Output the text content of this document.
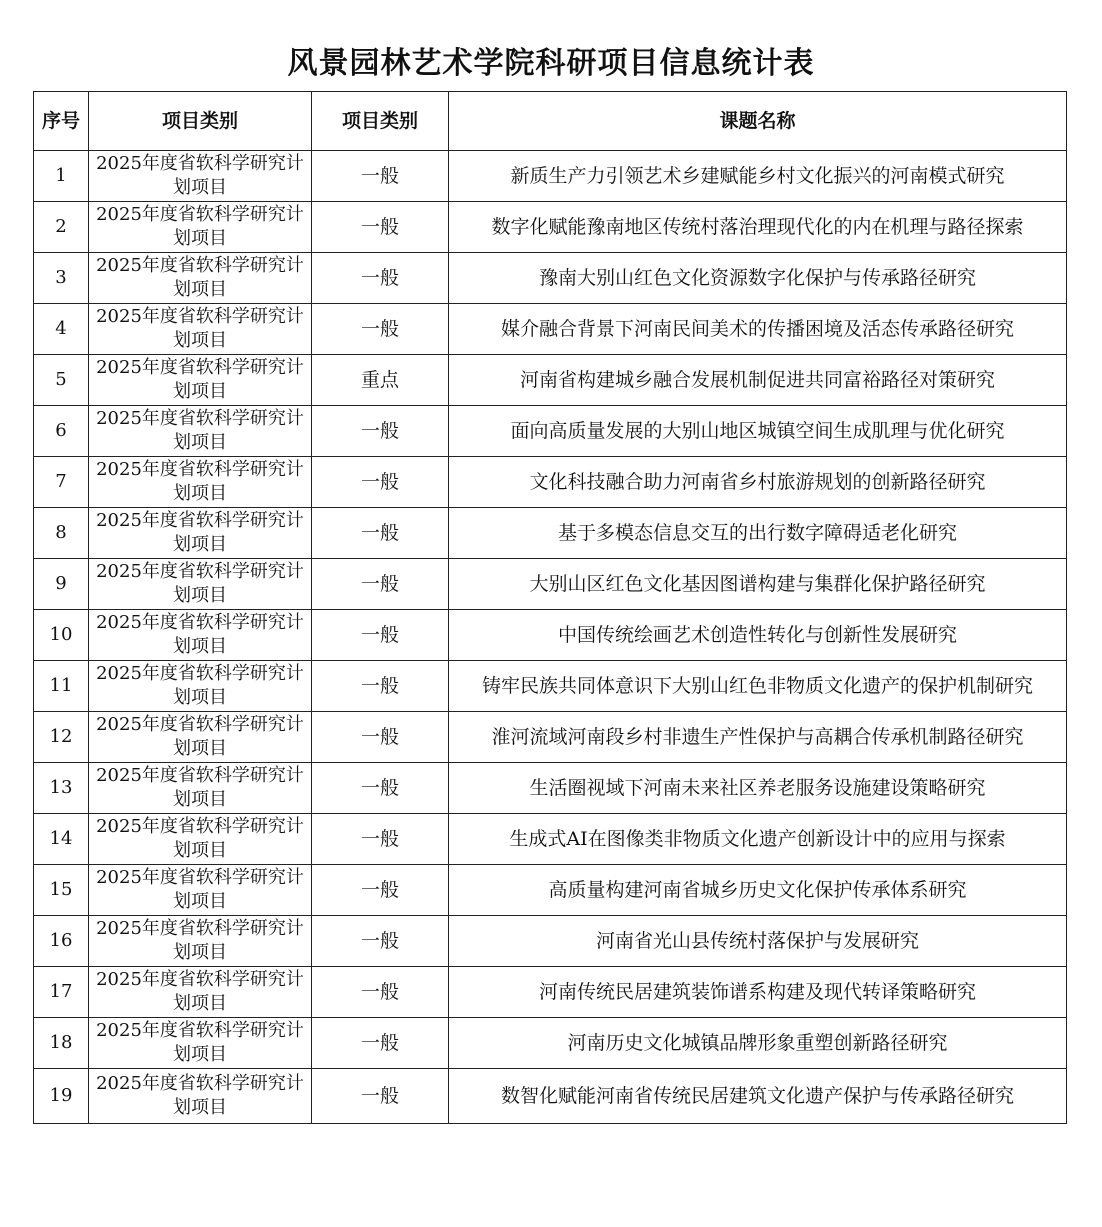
风景园林艺术学院科研项目信息统计表
序号	项目类别	项目类别	课题名称
1	2025年度省软科学研究计划项目	一般	新质生产力引领艺术乡建赋能乡村文化振兴的河南模式研究
2	2025年度省软科学研究计划项目	一般	数字化赋能豫南地区传统村落治理现代化的内在机理与路径探索
3	2025年度省软科学研究计划项目	一般	豫南大别山红色文化资源数字化保护与传承路径研究
4	2025年度省软科学研究计划项目	一般	媒介融合背景下河南民间美术的传播困境及活态传承路径研究
5	2025年度省软科学研究计划项目	重点	河南省构建城乡融合发展机制促进共同富裕路径对策研究
6	2025年度省软科学研究计划项目	一般	面向高质量发展的大别山地区城镇空间生成肌理与优化研究
7	2025年度省软科学研究计划项目	一般	文化科技融合助力河南省乡村旅游规划的创新路径研究
8	2025年度省软科学研究计划项目	一般	基于多模态信息交互的出行数字障碍适老化研究
9	2025年度省软科学研究计划项目	一般	大别山区红色文化基因图谱构建与集群化保护路径研究
10	2025年度省软科学研究计划项目	一般	中国传统绘画艺术创造性转化与创新性发展研究
11	2025年度省软科学研究计划项目	一般	铸牢民族共同体意识下大别山红色非物质文化遗产的保护机制研究
12	2025年度省软科学研究计划项目	一般	淮河流域河南段乡村非遗生产性保护与高耦合传承机制路径研究
13	2025年度省软科学研究计划项目	一般	生活圈视域下河南未来社区养老服务设施建设策略研究
14	2025年度省软科学研究计划项目	一般	生成式AI在图像类非物质文化遗产创新设计中的应用与探索
15	2025年度省软科学研究计划项目	一般	高质量构建河南省城乡历史文化保护传承体系研究
16	2025年度省软科学研究计划项目	一般	河南省光山县传统村落保护与发展研究
17	2025年度省软科学研究计划项目	一般	河南传统民居建筑装饰谱系构建及现代转译策略研究
18	2025年度省软科学研究计划项目	一般	河南历史文化城镇品牌形象重塑创新路径研究
19	2025年度省软科学研究计划项目	一般	数智化赋能河南省传统民居建筑文化遗产保护与传承路径研究
